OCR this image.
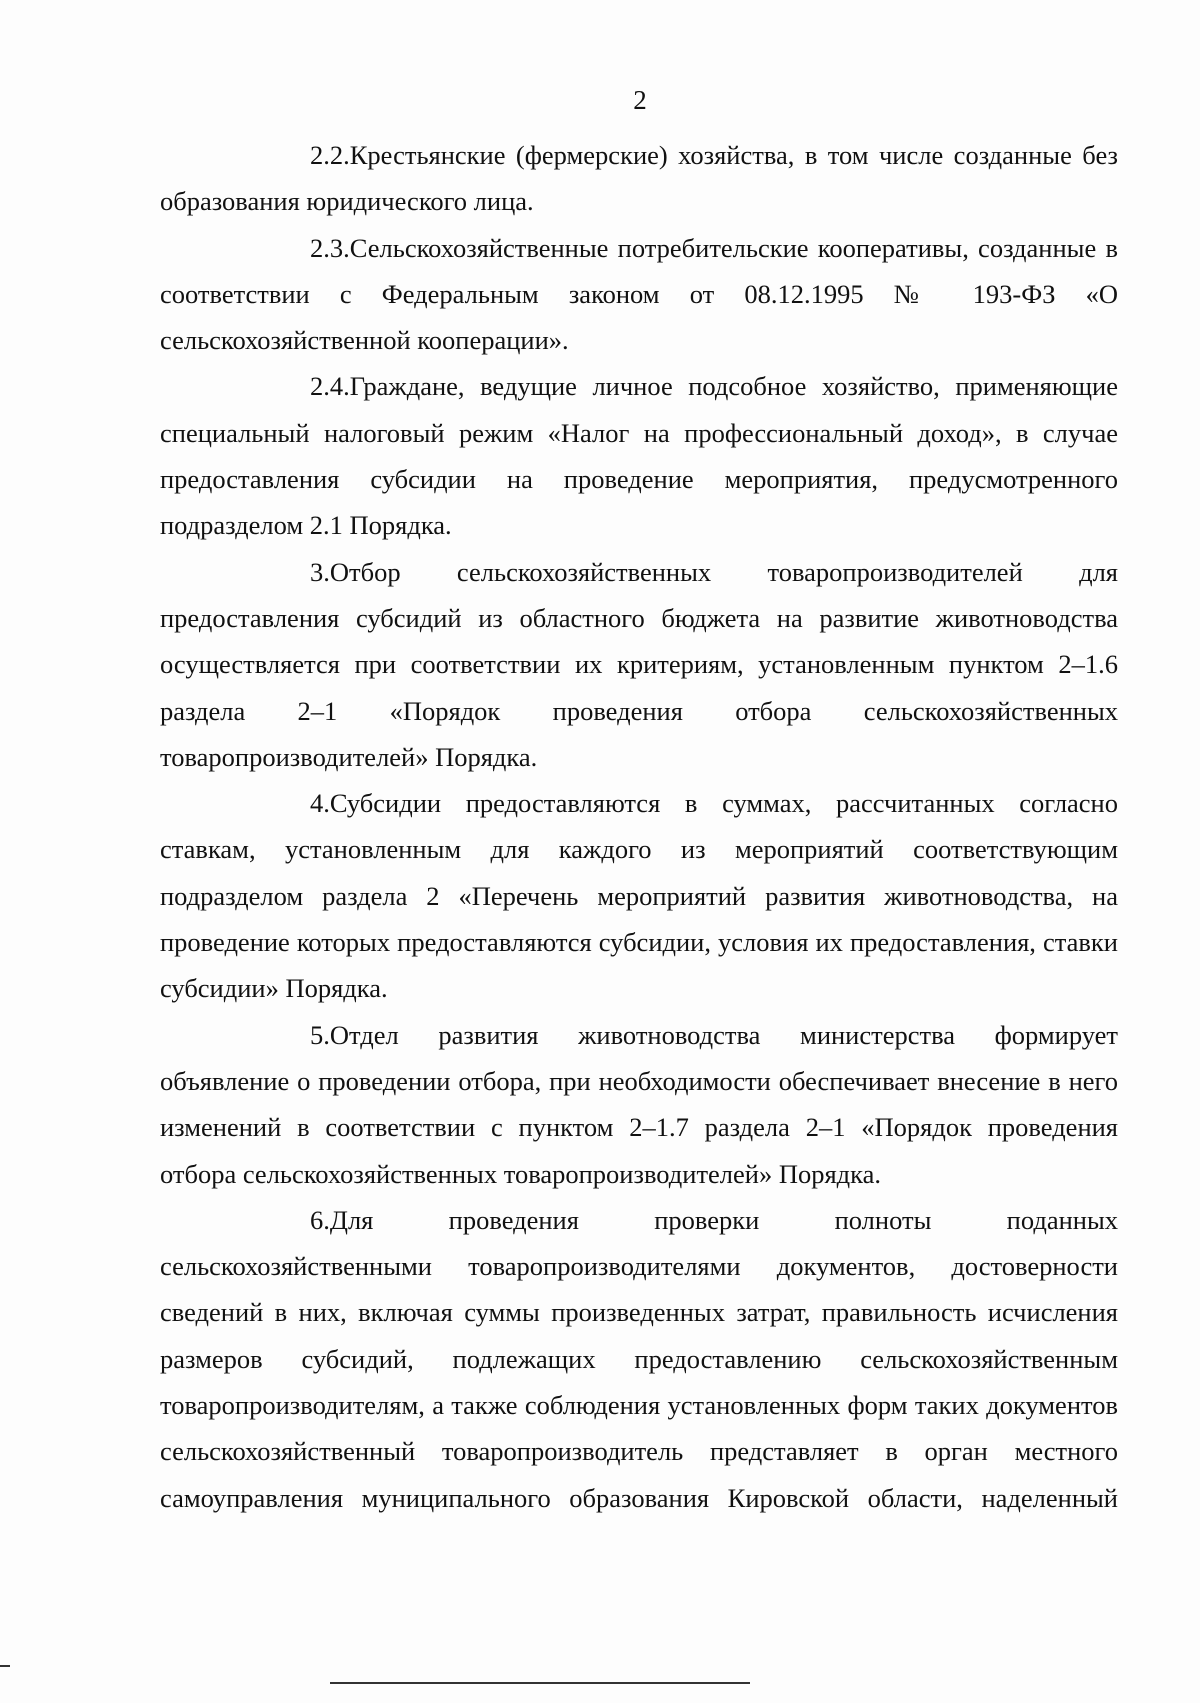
2

2.2.Крестьянские (фермерские) хозяйства, в том числе созданные без образования юридического лица.

2.3.Сельскохозяйственные потребительские кооперативы, созданные в соответствии с Федеральным законом от 08.12.1995 № 193-ФЗ «О сельскохозяйственной кооперации».

2.4.Граждане, ведущие личное подсобное хозяйство, применяющие специальный налоговый режим «Налог на профессиональный доход», в случае предоставления субсидии на проведение мероприятия, предусмотренного подразделом 2.1 Порядка.

3.Отбор сельскохозяйственных товаропроизводителей для предоставления субсидий из областного бюджета на развитие животноводства осуществляется при соответствии их критериям, установленным пунктом 2–1.6 раздела 2–1 «Порядок проведения отбора сельскохозяйственных товаропроизводителей» Порядка.

4.Субсидии предоставляются в суммах, рассчитанных согласно ставкам, установленным для каждого из мероприятий соответствующим подразделом раздела 2 «Перечень мероприятий развития животноводства, на проведение которых предоставляются субсидии, условия их предоставления, ставки субсидии» Порядка.

5.Отдел развития животноводства министерства формирует объявление о проведении отбора, при необходимости обеспечивает внесение в него изменений в соответствии с пунктом 2–1.7 раздела 2–1 «Порядок проведения отбора сельскохозяйственных товаропроизводителей» Порядка.

6.Для проведения проверки полноты поданных сельскохозяйственными товаропроизводителями документов, достоверности сведений в них, включая суммы произведенных затрат, правильность исчисления размеров субсидий, подлежащих предоставлению сельскохозяйственным товаропроизводителям, а также соблюдения установленных форм таких документов сельскохозяйственный товаропроизводитель представляет в орган местного самоуправления муниципального образования Кировской области, наделенный
